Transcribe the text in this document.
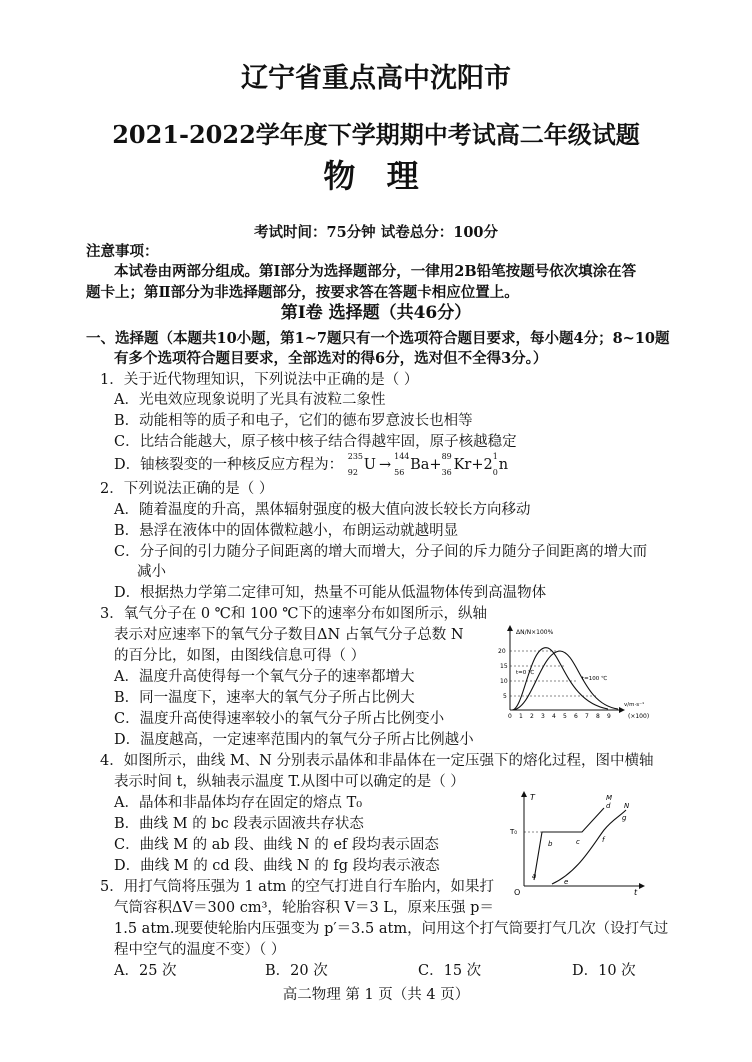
辽宁省重点高中沈阳市
2021-2022学年度下学期期中考试高二年级试题
物 理
考试时间：75分钟 试卷总分：100分
注意事项：
本试卷由两部分组成。第Ⅰ部分为选择题部分，一律用2B铅笔按题号依次填涂在答
题卡上；第Ⅱ部分为非选择题部分，按要求答在答题卡相应位置上。
第Ⅰ卷 选择题（共46分）
一、选择题（本题共10小题，第1~7题只有一个选项符合题目要求，每小题4分；8~10题
有多个选项符合题目要求，全部选对的得6分，选对但不全得3分。）
1．关于近代物理知识，下列说法中正确的是（ ）
A．光电效应现象说明了光具有波粒二象性
B．动能相等的质子和电子，它们的德布罗意波长也相等
C．比结合能越大，原子核中核子结合得越牢固，原子核越稳定
D．铀核裂变的一种核反应方程为：
235
92 U →
144
56 Ba+
89
36 Kr+2
1
0 n
2．下列说法正确的是（ ）
A．随着温度的升高，黑体辐射强度的极大值向波长较长方向移动
B．悬浮在液体中的固体微粒越小，布朗运动就越明显
C．分子间的引力随分子间距离的增大而增大，分子间的斥力随分子间距离的增大而
减小
D．根据热力学第二定律可知，热量不可能从低温物体传到高温物体
3．氧气分子在 0 ℃和 100 ℃下的速率分布如图所示，纵轴
表示对应速率下的氧气分子数目ΔN 占氧气分子总数 N
的百分比，如图，由图线信息可得（ ）
A．温度升高使得每一个氧气分子的速率都增大
B．同一温度下，速率大的氧气分子所占比例大
C．温度升高使得速率较小的氧气分子所占比例变小
D．温度越高，一定速率范围内的氧气分子所占比例越小
ΔN/N×100%
v/m·s⁻¹
(×100)
20
15
10
5
0 1 2 3 4 5 6 7 8 9
t=0 ℃
t=100 ℃
4．如图所示，曲线 M、N 分别表示晶体和非晶体在一定压强下的熔化过程，图中横轴
表示时间 t，纵轴表示温度 T.从图中可以确定的是（ ）
A．晶体和非晶体均存在固定的熔点 T₀
B．曲线 M 的 bc 段表示固液共存状态
C．曲线 M 的 ab 段、曲线 N 的 ef 段均表示固态
D．曲线 M 的 cd 段、曲线 N 的 fg 段均表示液态
T
t
O
T₀
a
b	c
d
M
e
f
g
N
5．用打气筒将压强为 1 atm 的空气打进自行车胎内，如果打
气筒容积ΔV＝300 cm³，轮胎容积 V＝3 L，原来压强 p＝
1.5 atm.现要使轮胎内压强变为 p′＝3.5 atm，问用这个打气筒要打气几次（设打气过
程中空气的温度不变）（ ）
A．25 次	B．20 次	C．15 次	D．10 次
高二物理 第 1 页（共 4 页）
